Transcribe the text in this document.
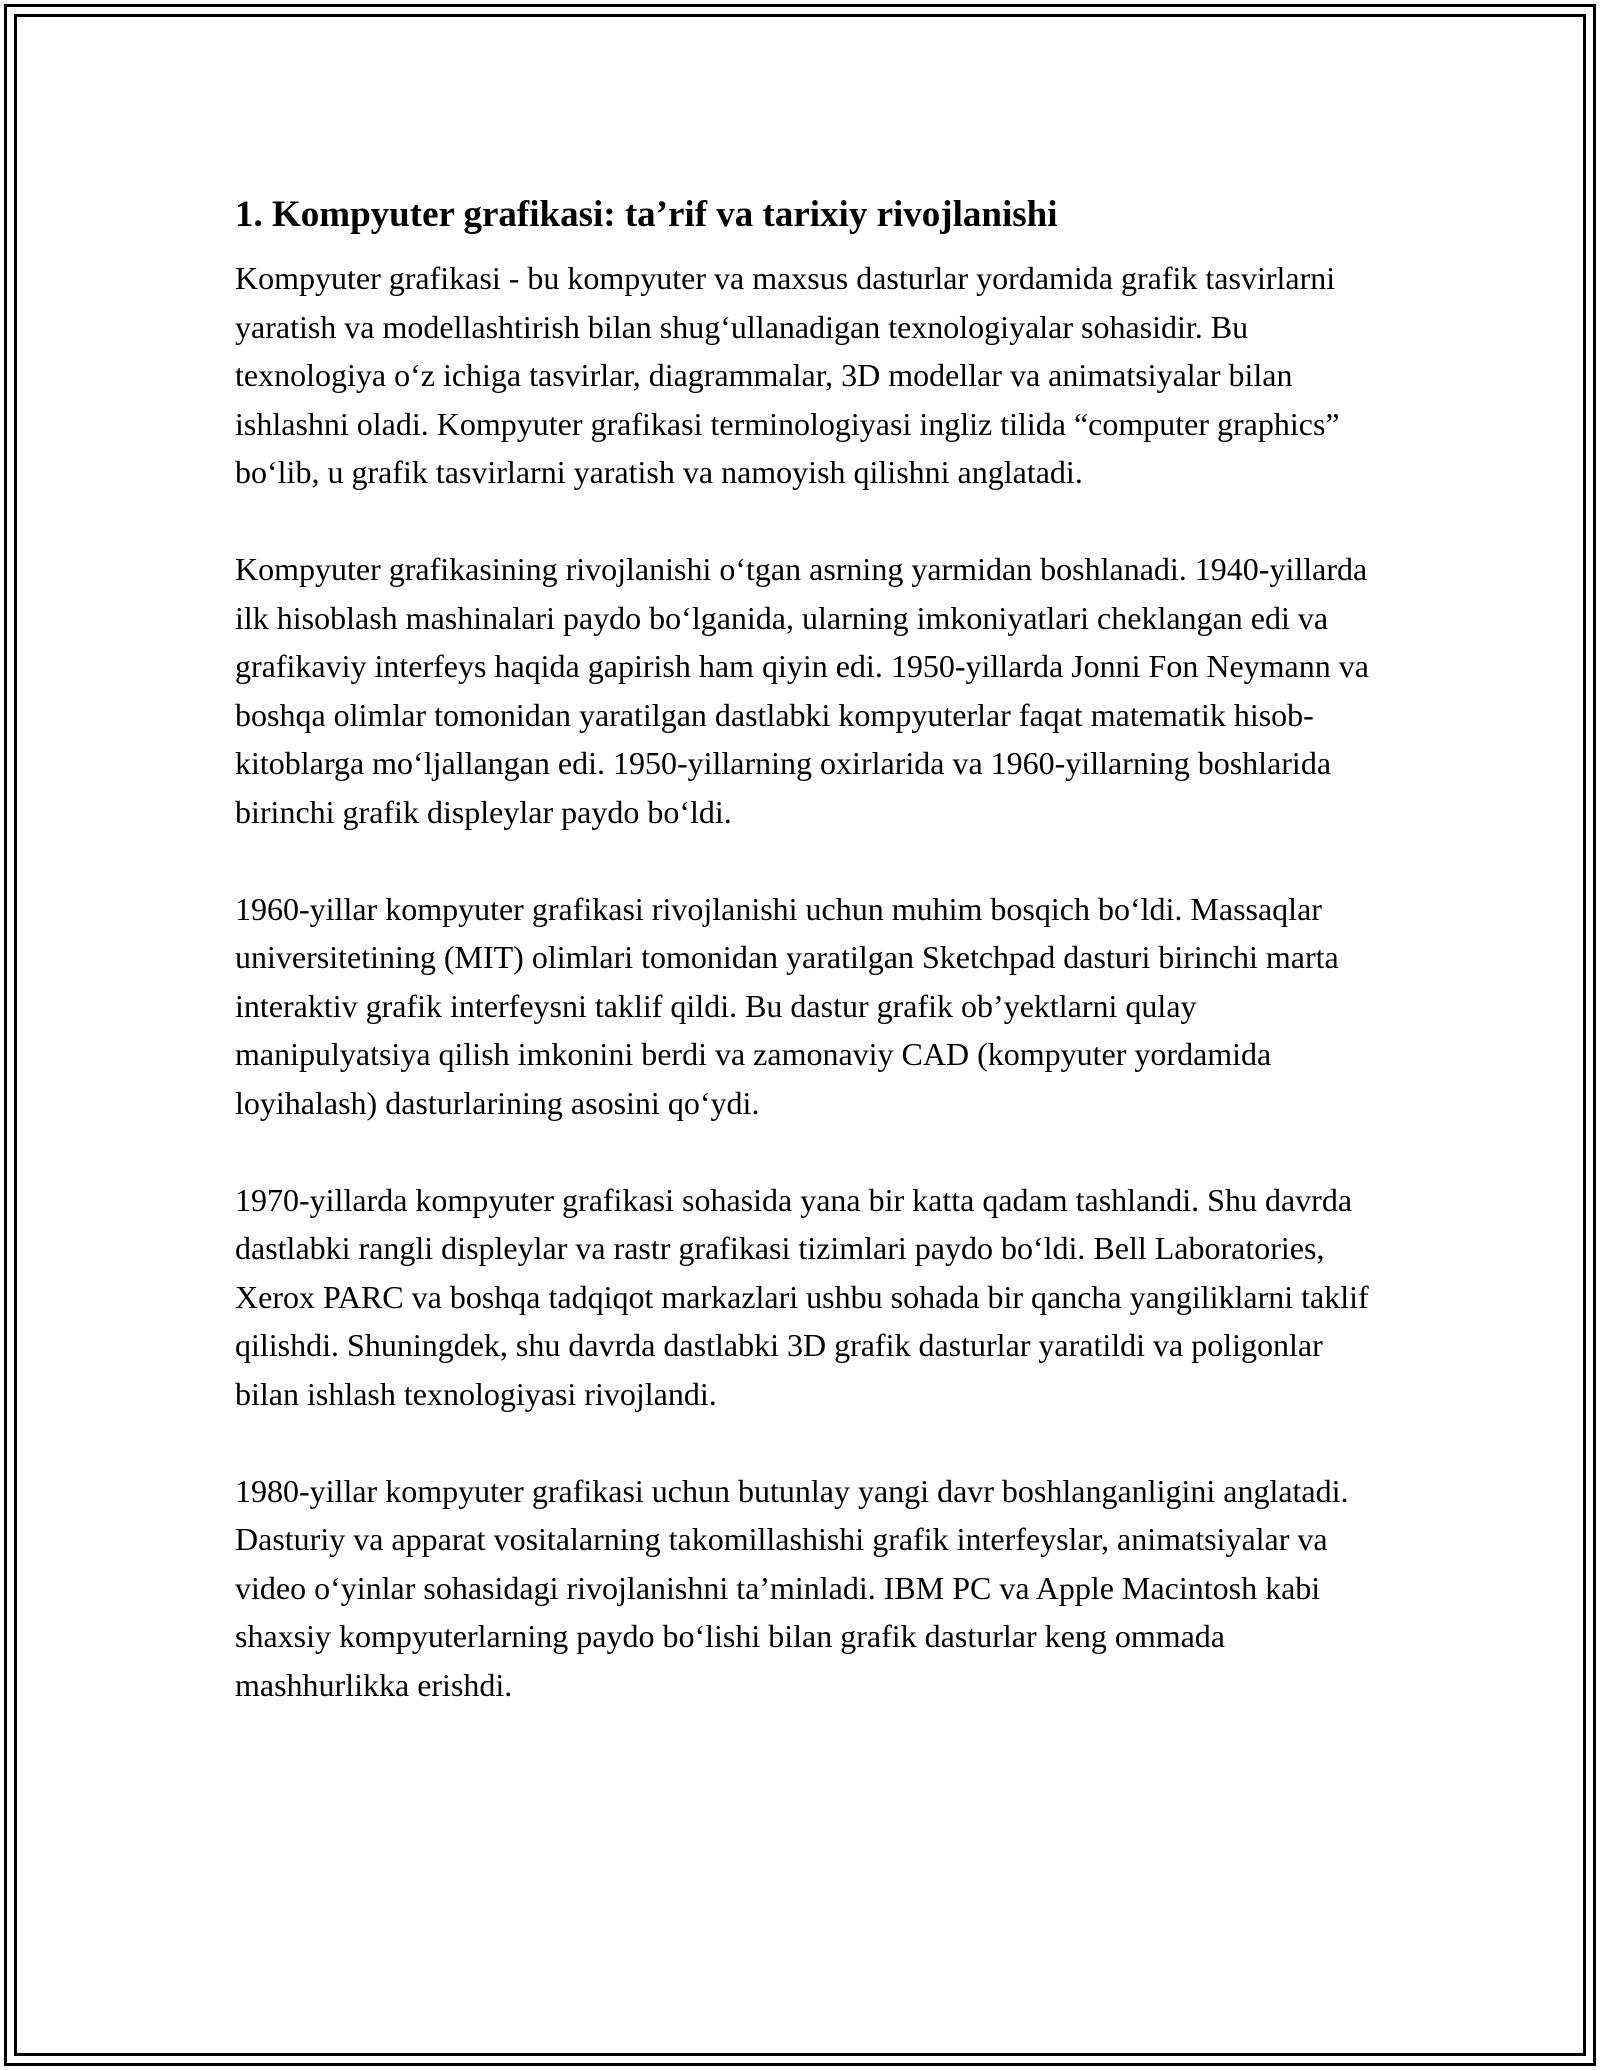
1. Kompyuter grafikasi: ta’rif va tarixiy rivojlanishi

Kompyuter grafikasi - bu kompyuter va maxsus dasturlar yordamida grafik tasvirlarni yaratish va modellashtirish bilan shug‘ullanadigan texnologiyalar sohasidir. Bu texnologiya o‘z ichiga tasvirlar, diagrammalar, 3D modellar va animatsiyalar bilan ishlashni oladi. Kompyuter grafikasi terminologiyasi ingliz tilida “computer graphics” bo‘lib, u grafik tasvirlarni yaratish va namoyish qilishni anglatadi.

Kompyuter grafikasining rivojlanishi o‘tgan asrning yarmidan boshlanadi. 1940-yillarda ilk hisoblash mashinalari paydo bo‘lganida, ularning imkoniyatlari cheklangan edi va grafikaviy interfeys haqida gapirish ham qiyin edi. 1950-yillarda Jonni Fon Neymann va boshqa olimlar tomonidan yaratilgan dastlabki kompyuterlar faqat matematik hisob-kitoblarga mo‘ljallangan edi. 1950-yillarning oxirlarida va 1960-yillarning boshlarida birinchi grafik displeylar paydo bo‘ldi.

1960-yillar kompyuter grafikasi rivojlanishi uchun muhim bosqich bo‘ldi. Massaqlar universitetining (MIT) olimlari tomonidan yaratilgan Sketchpad dasturi birinchi marta interaktiv grafik interfeysni taklif qildi. Bu dastur grafik ob’yektlarni qulay manipulyatsiya qilish imkonini berdi va zamonaviy CAD (kompyuter yordamida loyihalash) dasturlarining asosini qo‘ydi.

1970-yillarda kompyuter grafikasi sohasida yana bir katta qadam tashlandi. Shu davrda dastlabki rangli displeylar va rastr grafikasi tizimlari paydo bo‘ldi. Bell Laboratories, Xerox PARC va boshqa tadqiqot markazlari ushbu sohada bir qancha yangiliklarni taklif qilishdi. Shuningdek, shu davrda dastlabki 3D grafik dasturlar yaratildi va poligonlar bilan ishlash texnologiyasi rivojlandi.

1980-yillar kompyuter grafikasi uchun butunlay yangi davr boshlanganligini anglatadi. Dasturiy va apparat vositalarning takomillashishi grafik interfeyslar, animatsiyalar va video o‘yinlar sohasidagi rivojlanishni ta’minladi. IBM PC va Apple Macintosh kabi shaxsiy kompyuterlarning paydo bo‘lishi bilan grafik dasturlar keng ommada mashhurlikka erishdi.
